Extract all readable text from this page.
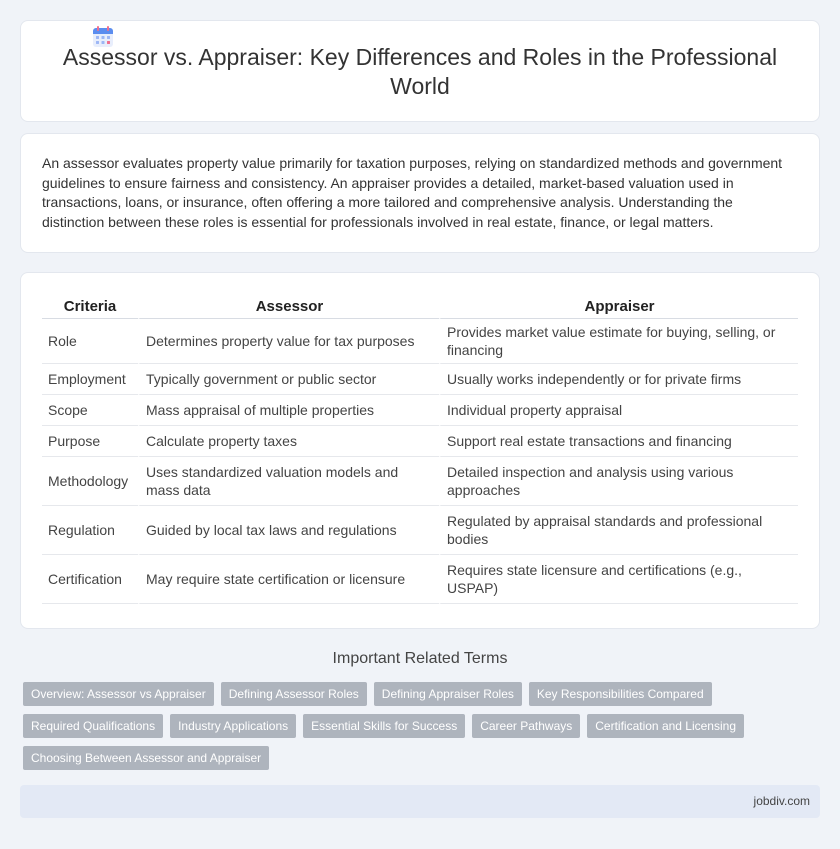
Assessor vs. Appraiser: Key Differences and Roles in the Professional World

An assessor evaluates property value primarily for taxation purposes, relying on standardized methods and government guidelines to ensure fairness and consistency. An appraiser provides a detailed, market-based valuation used in transactions, loans, or insurance, often offering a more tailored and comprehensive analysis. Understanding the distinction between these roles is essential for professionals involved in real estate, finance, or legal matters.

Criteria	Assessor	Appraiser
Role	Determines property value for tax purposes	Provides market value estimate for buying, selling, or financing
Employment	Typically government or public sector	Usually works independently or for private firms
Scope	Mass appraisal of multiple properties	Individual property appraisal
Purpose	Calculate property taxes	Support real estate transactions and financing
Methodology	Uses standardized valuation models and mass data	Detailed inspection and analysis using various approaches
Regulation	Guided by local tax laws and regulations	Regulated by appraisal standards and professional bodies
Certification	May require state certification or licensure	Requires state licensure and certifications (e.g., USPAP)
Important Related Terms
Overview: Assessor vs Appraiser	Defining Assessor Roles	Defining Appraiser Roles	Key Responsibilities Compared
Required Qualifications	Industry Applications	Essential Skills for Success	Career Pathways	Certification and Licensing
Choosing Between Assessor and Appraiser
jobdiv.com
